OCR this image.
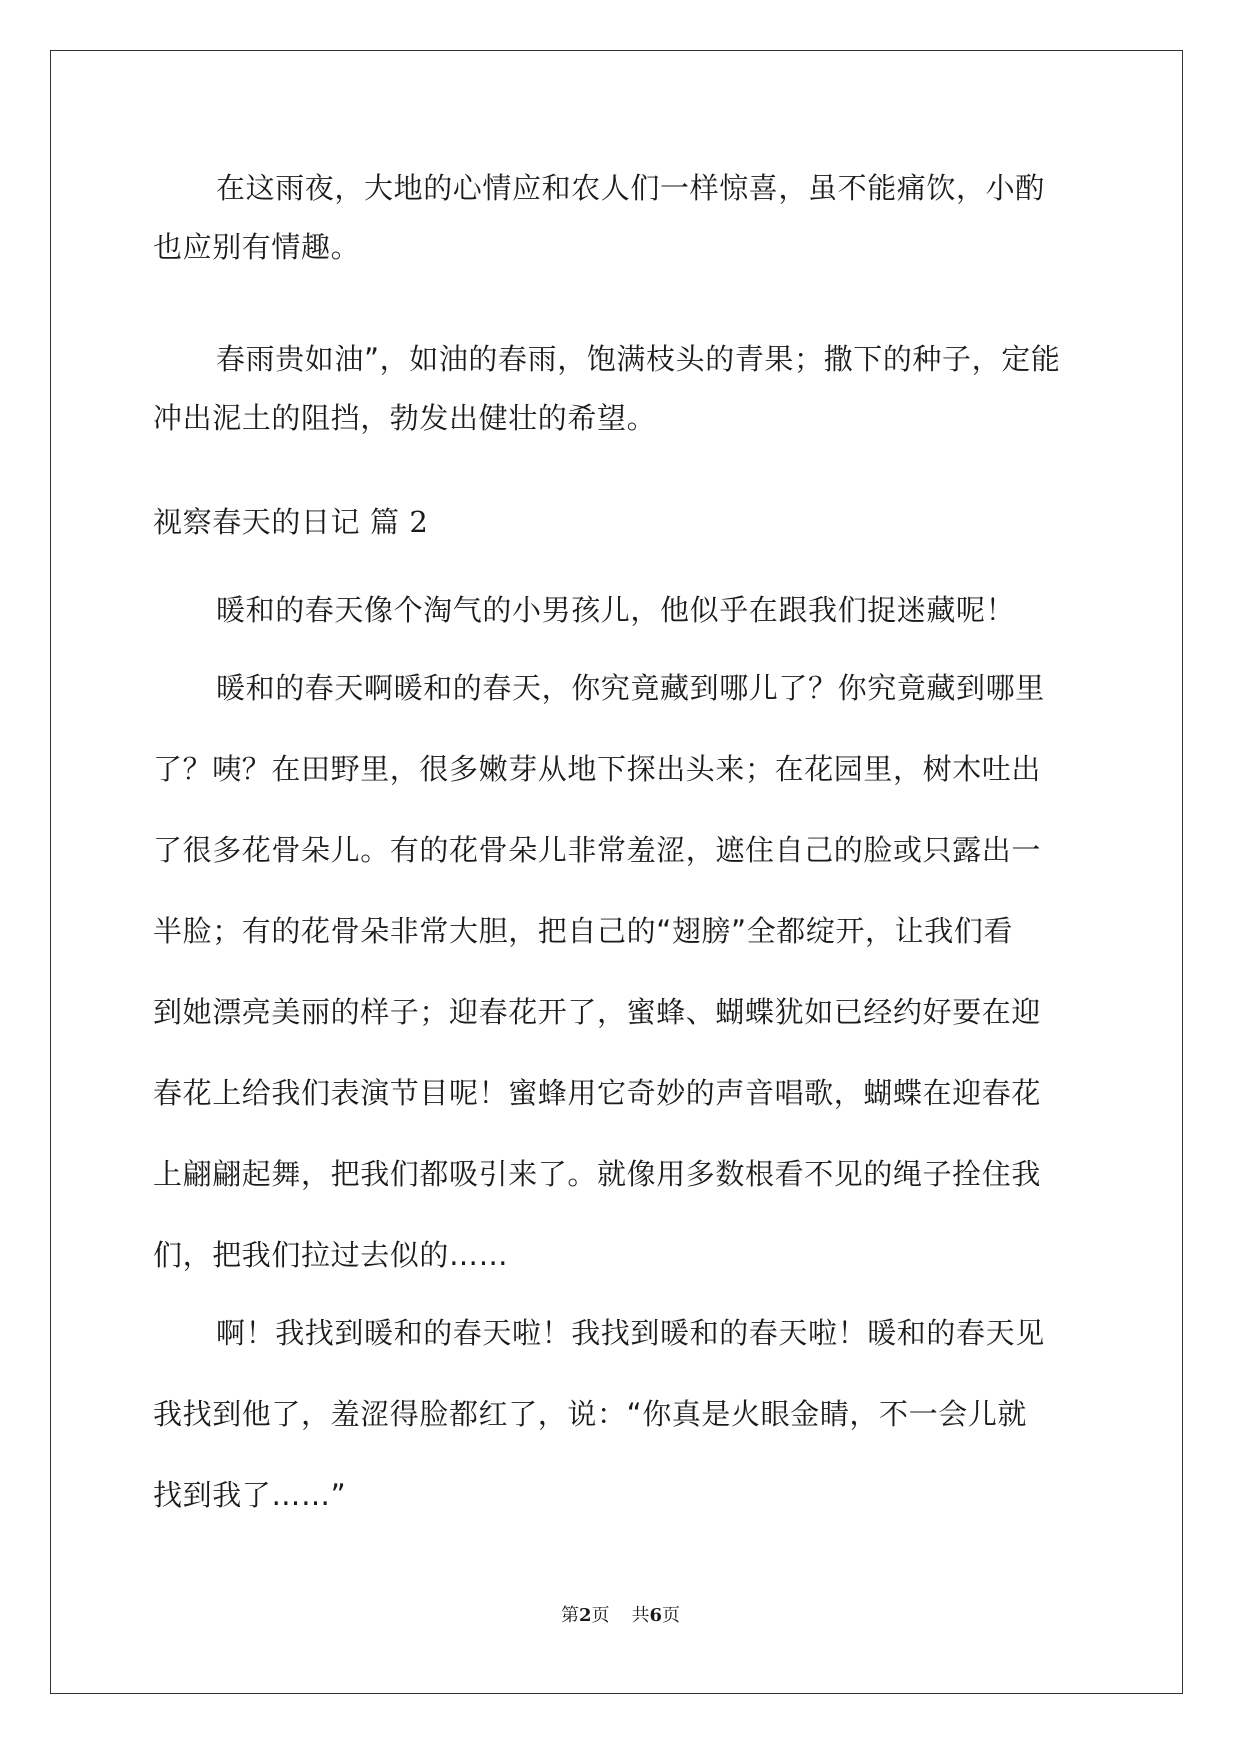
在这雨夜，大地的心情应和农人们一样惊喜，虽不能痛饮，小酌
也应别有情趣。
春雨贵如油”，如油的春雨，饱满枝头的青果；撒下的种子，定能
冲出泥土的阻挡，勃发出健壮的希望。
视察春天的日记 篇 2
暖和的春天像个淘气的小男孩儿，他似乎在跟我们捉迷藏呢！
暖和的春天啊暖和的春天，你究竟藏到哪儿了？你究竟藏到哪里
了？咦？在田野里，很多嫩芽从地下探出头来；在花园里，树木吐出
了很多花骨朵儿。有的花骨朵儿非常羞涩，遮住自己的脸或只露出一
半脸；有的花骨朵非常大胆，把自己的“翅膀”全都绽开，让我们看
到她漂亮美丽的样子；迎春花开了，蜜蜂、蝴蝶犹如已经约好要在迎
春花上给我们表演节目呢！蜜蜂用它奇妙的声音唱歌，蝴蝶在迎春花
上翩翩起舞，把我们都吸引来了。就像用多数根看不见的绳子拴住我
们，把我们拉过去似的……
啊！我找到暖和的春天啦！我找到暖和的春天啦！暖和的春天见
我找到他了，羞涩得脸都红了，说：“你真是火眼金睛，不一会儿就
找到我了……”
第2页 共6页
